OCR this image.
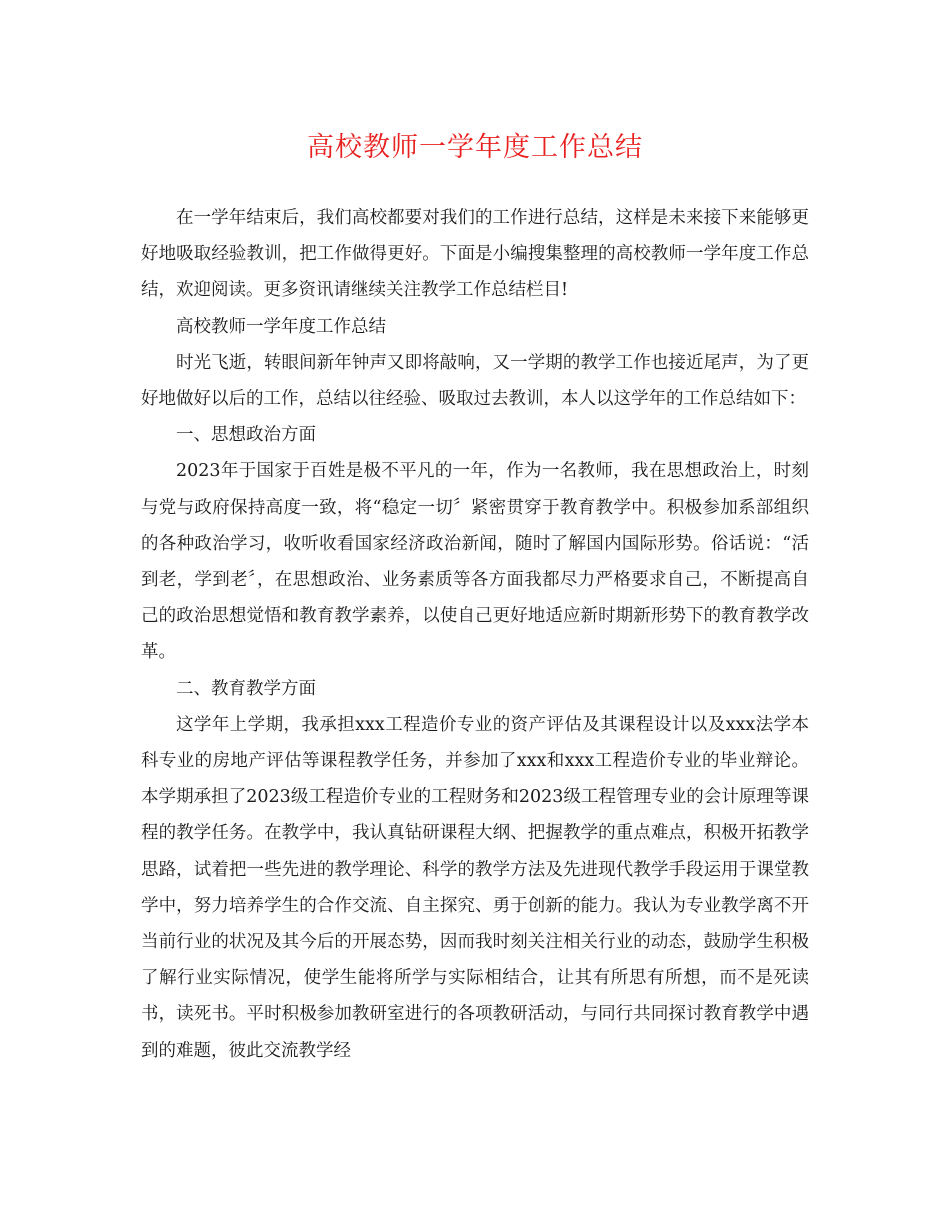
高校教师一学年度工作总结

在一学年结束后，我们高校都要对我们的工作进行总结，这样是未来接下来能够更好地吸取经验教训，把工作做得更好。下面是小编搜集整理的高校教师一学年度工作总结，欢迎阅读。更多资讯请继续关注教学工作总结栏目!

高校教师一学年度工作总结

时光飞逝，转眼间新年钟声又即将敲响，又一学期的教学工作也接近尾声，为了更好地做好以后的工作，总结以往经验、吸取过去教训，本人以这学年的工作总结如下：

一、思想政治方面

2023年于国家于百姓是极不平凡的一年，作为一名教师，我在思想政治上，时刻与党与政府保持高度一致，将“稳定一切〞紧密贯穿于教育教学中。积极参加系部组织的各种政治学习，收听收看国家经济政治新闻，随时了解国内国际形势。俗话说：“活到老，学到老〞，在思想政治、业务素质等各方面我都尽力严格要求自己，不断提高自己的政治思想觉悟和教育教学素养，以使自己更好地适应新时期新形势下的教育教学改革。

二、教育教学方面

这学年上学期，我承担xxx工程造价专业的资产评估及其课程设计以及xxx法学本科专业的房地产评估等课程教学任务，并参加了xxx和xxx工程造价专业的毕业辩论。本学期承担了2023级工程造价专业的工程财务和2023级工程管理专业的会计原理等课程的教学任务。在教学中，我认真钻研课程大纲、把握教学的重点难点，积极开拓教学思路，试着把一些先进的教学理论、科学的教学方法及先进现代教学手段运用于课堂教学中，努力培养学生的合作交流、自主探究、勇于创新的能力。我认为专业教学离不开当前行业的状况及其今后的开展态势，因而我时刻关注相关行业的动态，鼓励学生积极了解行业实际情况，使学生能将所学与实际相结合，让其有所思有所想，而不是死读书，读死书。平时积极参加教研室进行的各项教研活动，与同行共同探讨教育教学中遇到的难题，彼此交流教学经
